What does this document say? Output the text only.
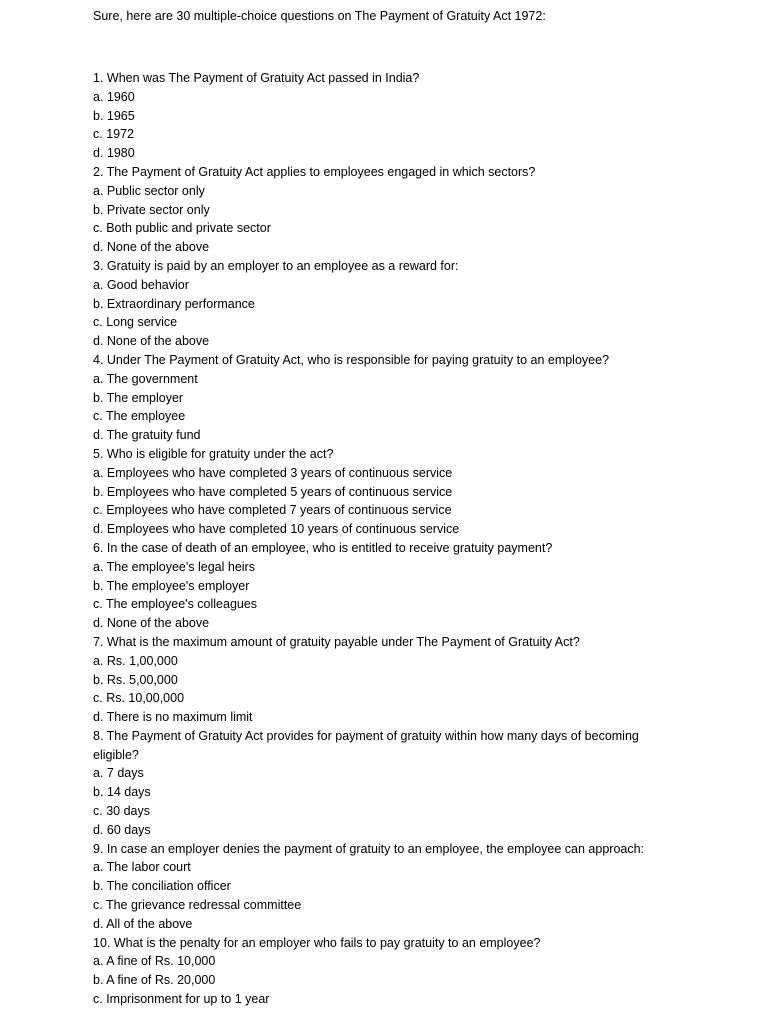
Sure, here are 30 multiple-choice questions on The Payment of Gratuity Act 1972:
1. When was The Payment of Gratuity Act passed in India?
a. 1960
b. 1965
c. 1972
d. 1980
2. The Payment of Gratuity Act applies to employees engaged in which sectors?
a. Public sector only
b. Private sector only
c. Both public and private sector
d. None of the above
3. Gratuity is paid by an employer to an employee as a reward for:
a. Good behavior
b. Extraordinary performance
c. Long service
d. None of the above
4. Under The Payment of Gratuity Act, who is responsible for paying gratuity to an employee?
a. The government
b. The employer
c. The employee
d. The gratuity fund
5. Who is eligible for gratuity under the act?
a. Employees who have completed 3 years of continuous service
b. Employees who have completed 5 years of continuous service
c. Employees who have completed 7 years of continuous service
d. Employees who have completed 10 years of continuous service
6. In the case of death of an employee, who is entitled to receive gratuity payment?
a. The employee's legal heirs
b. The employee's employer
c. The employee's colleagues
d. None of the above
7. What is the maximum amount of gratuity payable under The Payment of Gratuity Act?
a. Rs. 1,00,000
b. Rs. 5,00,000
c. Rs. 10,00,000
d. There is no maximum limit
8. The Payment of Gratuity Act provides for payment of gratuity within how many days of becoming eligible?
a. 7 days
b. 14 days
c. 30 days
d. 60 days
9. In case an employer denies the payment of gratuity to an employee, the employee can approach:
a. The labor court
b. The conciliation officer
c. The grievance redressal committee
d. All of the above
10. What is the penalty for an employer who fails to pay gratuity to an employee?
a. A fine of Rs. 10,000
b. A fine of Rs. 20,000
c. Imprisonment for up to 1 year
